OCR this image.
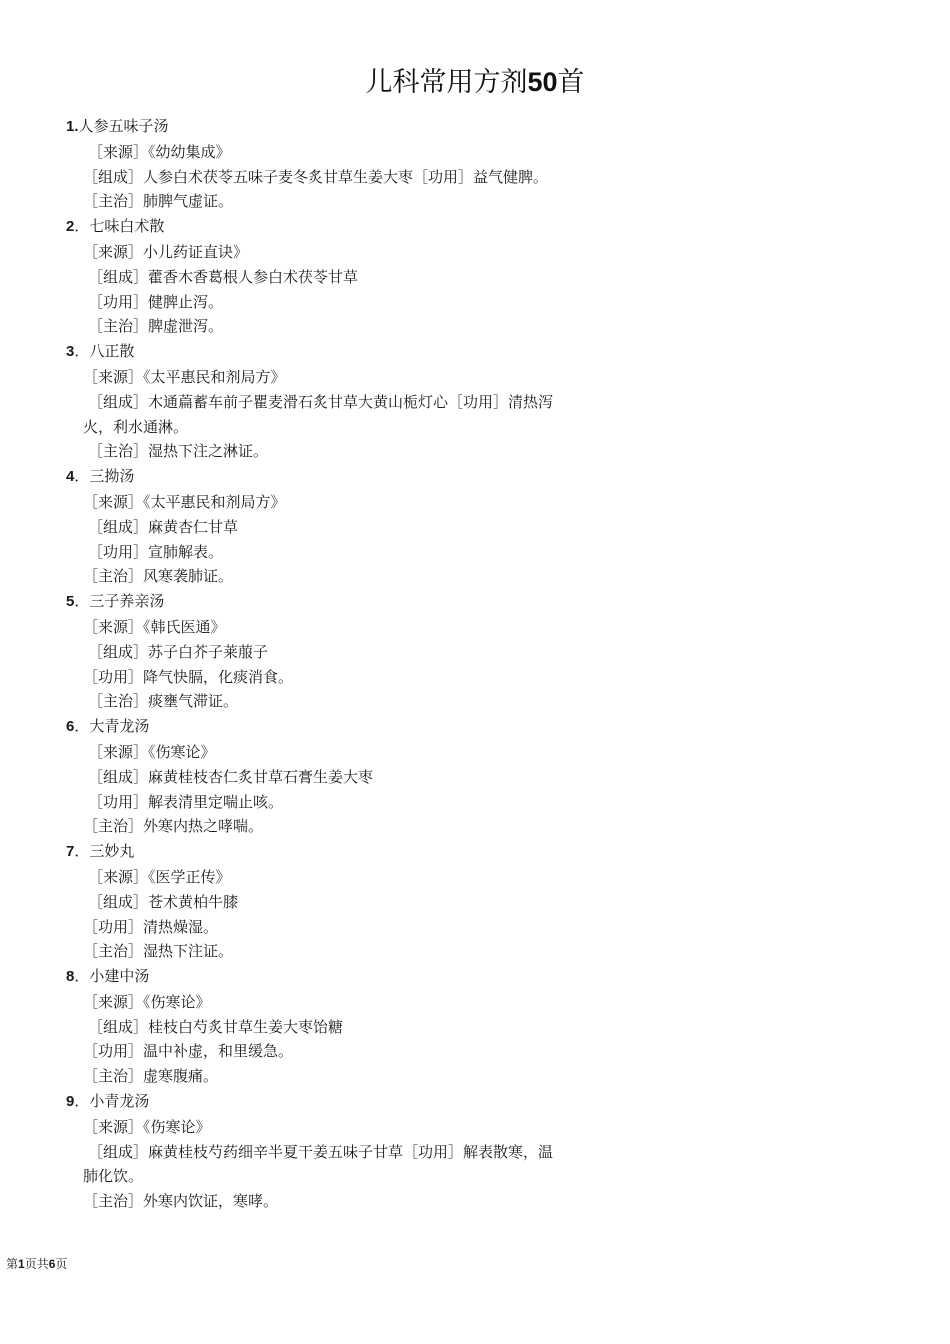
儿科常用方剂50首
1.人参五味子汤
［来源］《幼幼集成》
［组成］人参白术茯苓五味子麦冬炙甘草生姜大枣［功用］益气健脾。
［主治］肺脾气虚证。
2．七味白术散
［来源］小儿药证直诀》
［组成］藿香木香葛根人参白术茯苓甘草
［功用］健脾止泻。
［主治］脾虚泄泻。
3．八正散
［来源］《太平惠民和剂局方》
［组成］木通萹蓄车前子瞿麦滑石炙甘草大黄山栀灯心［功用］清热泻
火，利水通淋。
［主治］湿热下注之淋证。
4．三拗汤
［来源］《太平惠民和剂局方》
［组成］麻黄杏仁甘草
［功用］宣肺解表。
［主治］风寒袭肺证。
5．三子养亲汤
［来源］《韩氏医通》
［组成］苏子白芥子莱菔子
［功用］降气快膈，化痰消食。
［主治］痰壅气滞证。
6．大青龙汤
［来源］《伤寒论》
［组成］麻黄桂枝杏仁炙甘草石膏生姜大枣
［功用］解表清里定喘止咳。
［主治］外寒内热之哮喘。
7．三妙丸
［来源］《医学正传》
［组成］苍术黄柏牛膝
［功用］清热燥湿。
［主治］湿热下注证。
8．小建中汤
［来源］《伤寒论》
［组成］桂枝白芍炙甘草生姜大枣饴糖
［功用］温中补虚，和里缓急。
［主治］虚寒腹痛。
9．小青龙汤
［来源］《伤寒论》
［组成］麻黄桂枝芍药细辛半夏干姜五味子甘草［功用］解表散寒，温
肺化饮。
［主治］外寒内饮证，寒哮。
第1页共6页
